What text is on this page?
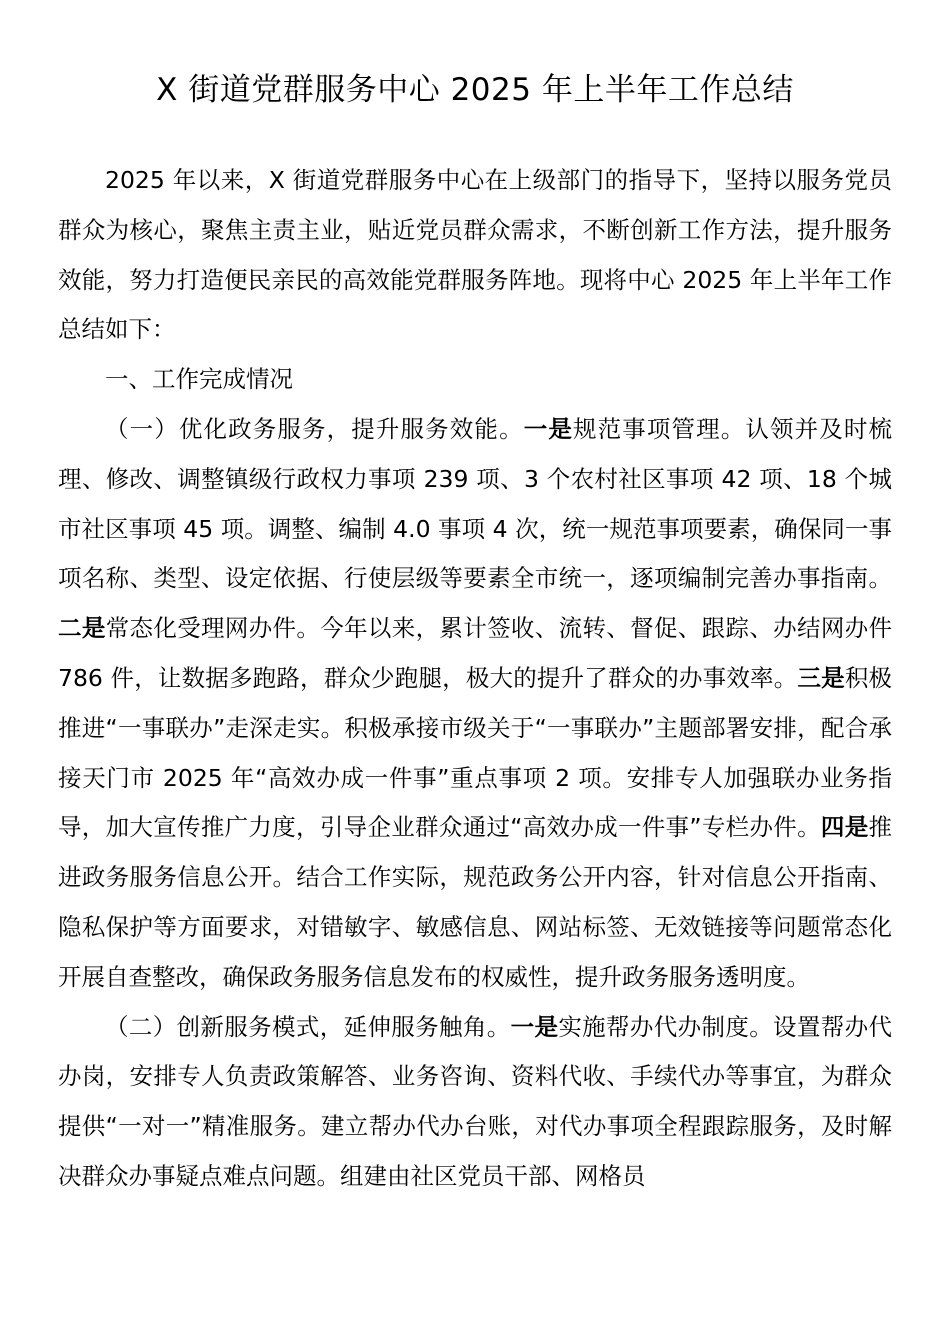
X 街道党群服务中心 2025 年上半年工作总结

2025 年以来，X 街道党群服务中心在上级部门的指导下，坚持以服务党员群众为核心，聚焦主责主业，贴近党员群众需求，不断创新工作方法，提升服务效能，努力打造便民亲民的高效能党群服务阵地。现将中心 2025 年上半年工作总结如下：

一、工作完成情况

（一）优化政务服务，提升服务效能。一是规范事项管理。认领并及时梳理、修改、调整镇级行政权力事项 239 项、3 个农村社区事项 42 项、18 个城市社区事项 45 项。调整、编制 4.0 事项 4 次，统一规范事项要素，确保同一事项名称、类型、设定依据、行使层级等要素全市统一，逐项编制完善办事指南。二是常态化受理网办件。今年以来，累计签收、流转、督促、跟踪、办结网办件 786 件，让数据多跑路，群众少跑腿，极大的提升了群众的办事效率。三是积极推进“一事联办”走深走实。积极承接市级关于“一事联办”主题部署安排，配合承接天门市 2025 年“高效办成一件事”重点事项 2 项。安排专人加强联办业务指导，加大宣传推广力度，引导企业群众通过“高效办成一件事”专栏办件。四是推进政务服务信息公开。结合工作实际，规范政务公开内容，针对信息公开指南、隐私保护等方面要求，对错敏字、敏感信息、网站标签、无效链接等问题常态化开展自查整改，确保政务服务信息发布的权威性，提升政务服务透明度。

（二）创新服务模式，延伸服务触角。一是实施帮办代办制度。设置帮办代办岗，安排专人负责政策解答、业务咨询、资料代收、手续代办等事宜，为群众提供“一对一”精准服务。建立帮办代办台账，对代办事项全程跟踪服务，及时解决群众办事疑点难点问题。组建由社区党员干部、网格员
